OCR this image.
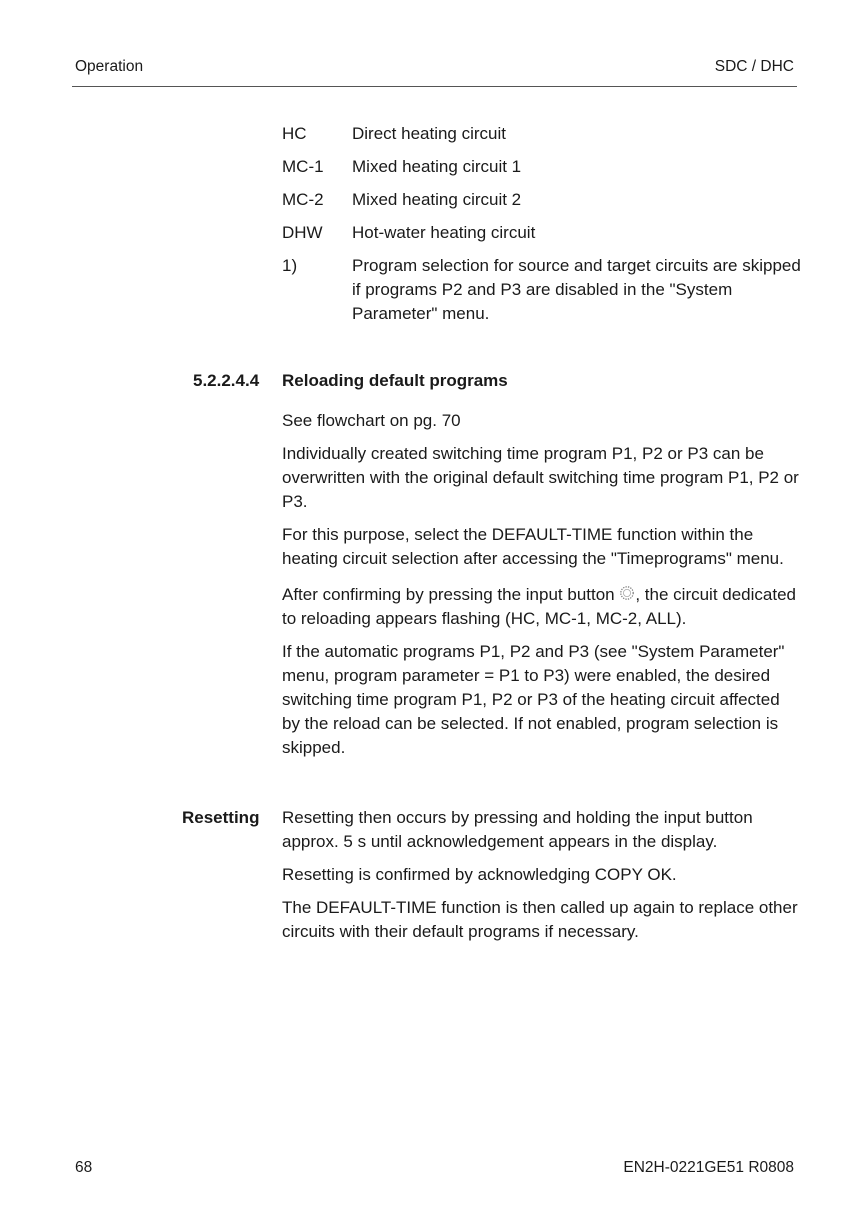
Operation	SDC / DHC
HC	Direct heating circuit
MC-1	Mixed heating circuit 1
MC-2	Mixed heating circuit 2
DHW	Hot-water heating circuit
1)	Program selection for source and target circuits are skipped if programs P2 and P3 are disabled in the "System Parameter" menu.
5.2.2.4.4 Reloading default programs

See flowchart on pg. 70

Individually created switching time program P1, P2 or P3 can be overwritten with the original default switching time program P1, P2 or P3.

For this purpose, select the DEFAULT-TIME function within the heating circuit selection after accessing the "Timeprograms" menu.

After confirming by pressing the input button , the circuit dedicated to reloading appears flashing (HC, MC-1, MC-2, ALL).

If the automatic programs P1, P2 and P3 (see "System Parameter" menu, program parameter = P1 to P3) were enabled, the desired switching time program P1, P2 or P3 of the heating circuit affected by the reload can be selected. If not enabled, program selection is skipped.

Resetting Resetting then occurs by pressing and holding the input button approx. 5 s until acknowledgement appears in the display.

Resetting is confirmed by acknowledging COPY OK.

The DEFAULT-TIME function is then called up again to replace other circuits with their default programs if necessary.

68	EN2H-0221GE51 R0808
